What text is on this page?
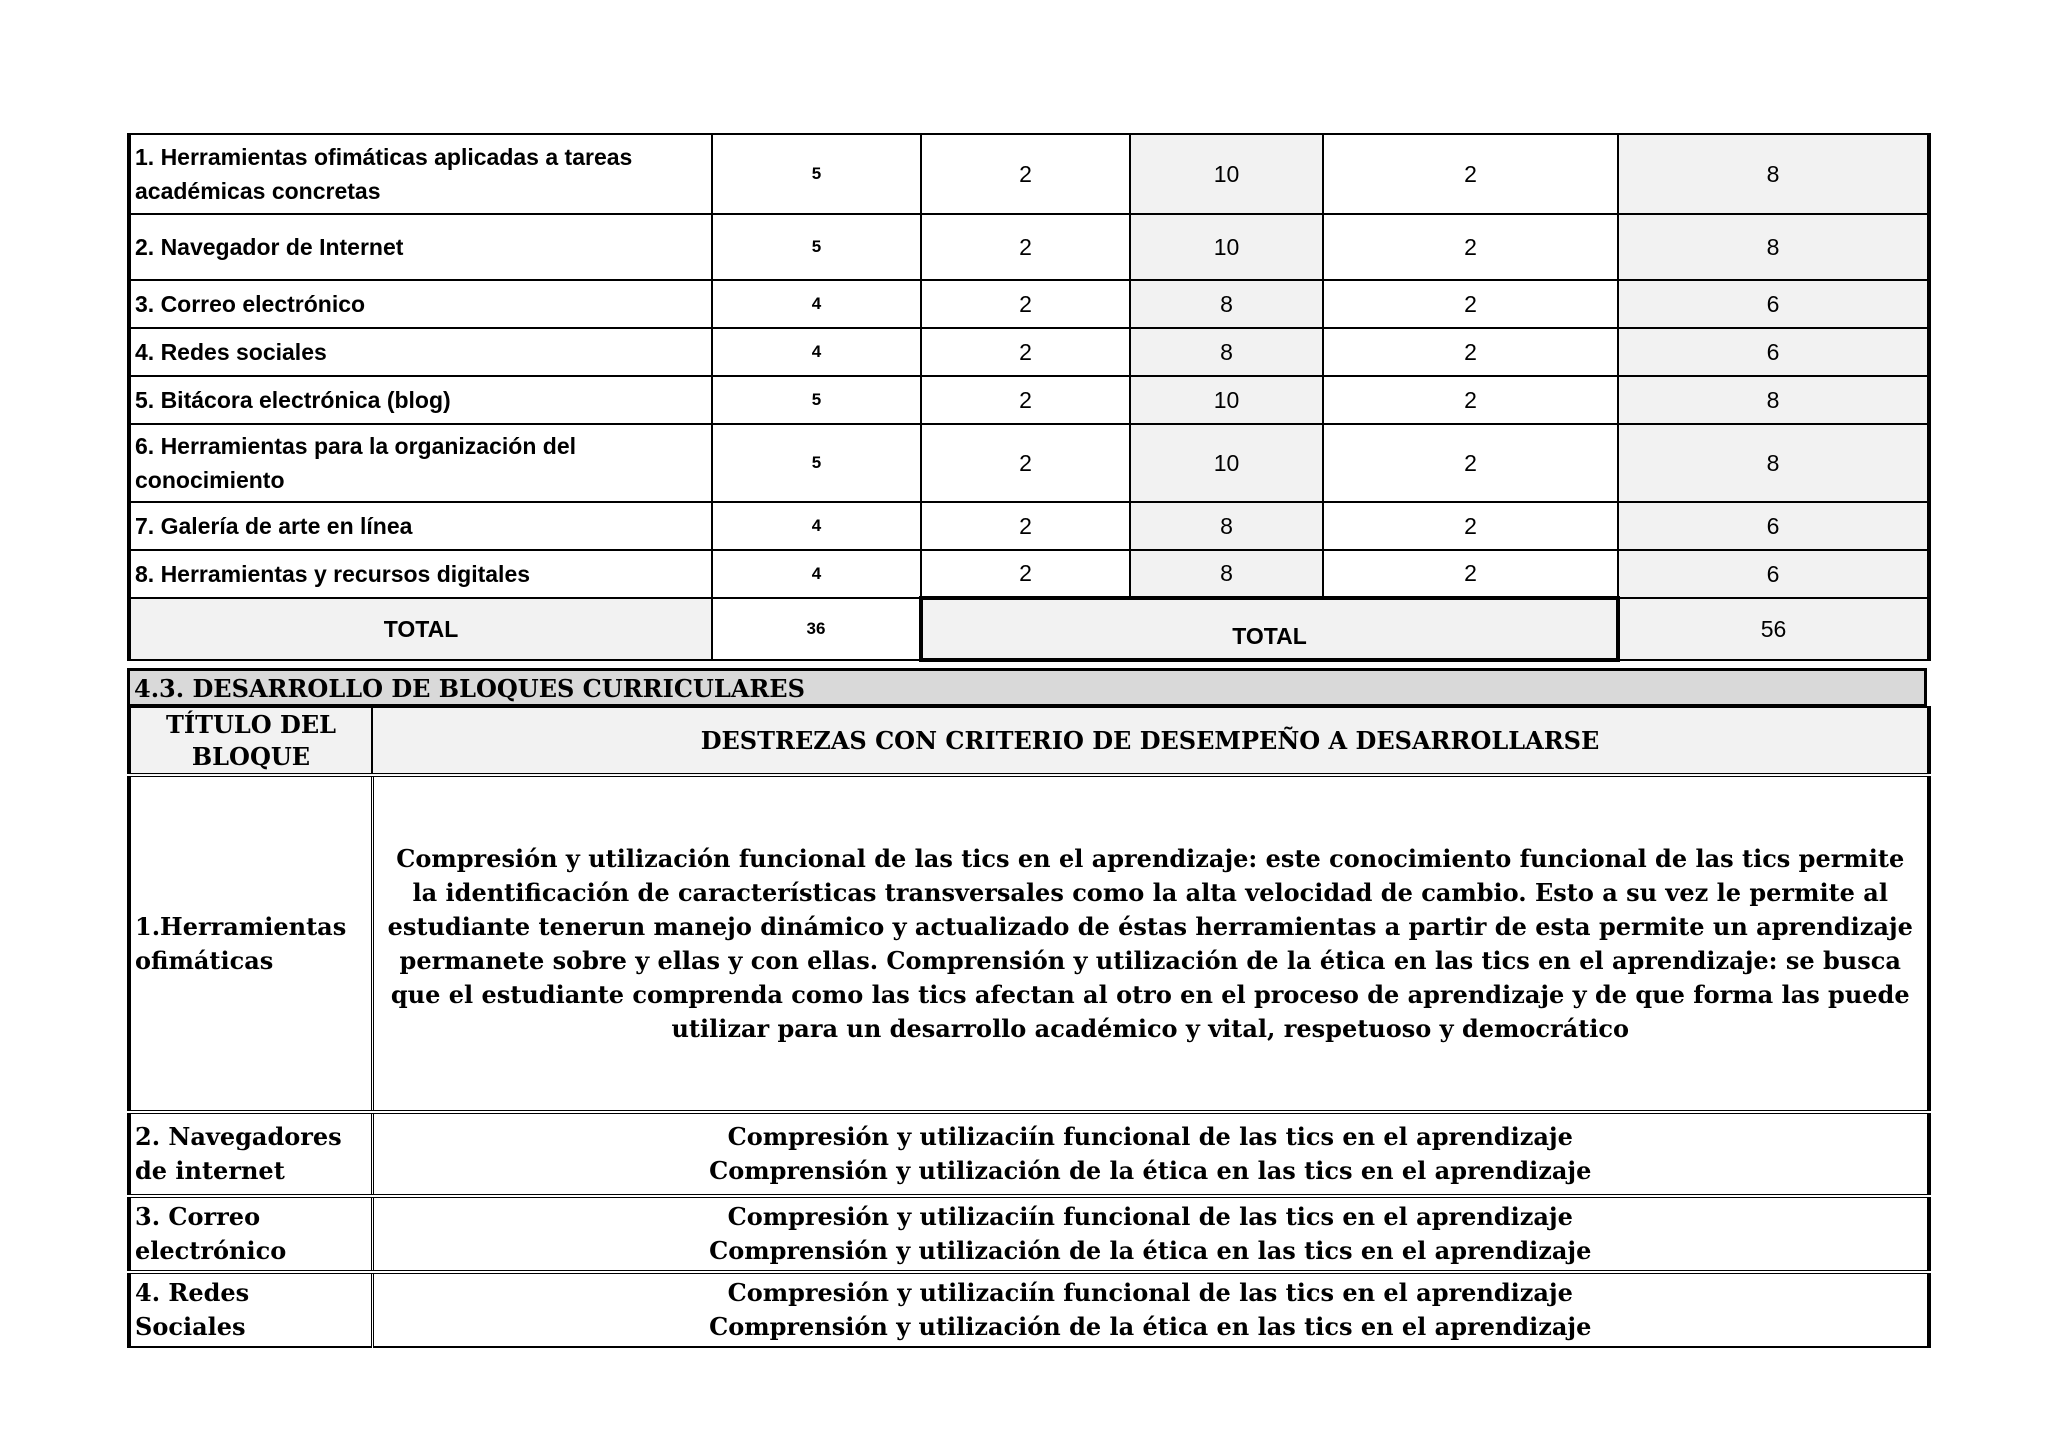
1. Herramientas ofimáticas aplicadas a tareas académicas concretas	5	2	10	2	8
2. Navegador de Internet	5	2	10	2	8
3. Correo electrónico	4	2	8	2	6
4. Redes sociales	4	2	8	2	6
5. Bitácora electrónica (blog)	5	2	10	2	8
6. Herramientas para la organización del conocimiento	5	2	10	2	8
7. Galería de arte en línea	4	2	8	2	6
8. Herramientas y recursos digitales	4	2	8	2	6
TOTAL	36	TOTAL			56
4.3. DESARROLLO DE BLOQUES CURRICULARES
TÍTULO DEL BLOQUE	DESTREZAS CON CRITERIO DE DESEMPEÑO A DESARROLLARSE
1.Herramientas ofimáticas	Compresión y utilización funcional de las tics en el aprendizaje: este conocimiento funcional de las tics permite la identificación de características transversales como la alta velocidad de cambio. Esto a su vez le permite al estudiante tenerun manejo dinámico y actualizado de éstas herramientas a partir de esta permite un aprendizaje permanete sobre y ellas y con ellas. Comprensión y utilización de la ética en las tics en el aprendizaje: se busca que el estudiante comprenda como las tics afectan al otro en el proceso de aprendizaje y de que forma las puede utilizar para un desarrollo académico y vital, respetuoso y democrático

2. Navegadores de internet	Compresión y utilizaciín funcional de las tics en el aprendizaje
Comprensión y utilización de la ética en las tics en el aprendizaje

3. Correo electrónico	Compresión y utilizaciín funcional de las tics en el aprendizaje
Comprensión y utilización de la ética en las tics en el aprendizaje

4. Redes Sociales	Compresión y utilizaciín funcional de las tics en el aprendizaje
Comprensión y utilización de la ética en las tics en el aprendizaje
